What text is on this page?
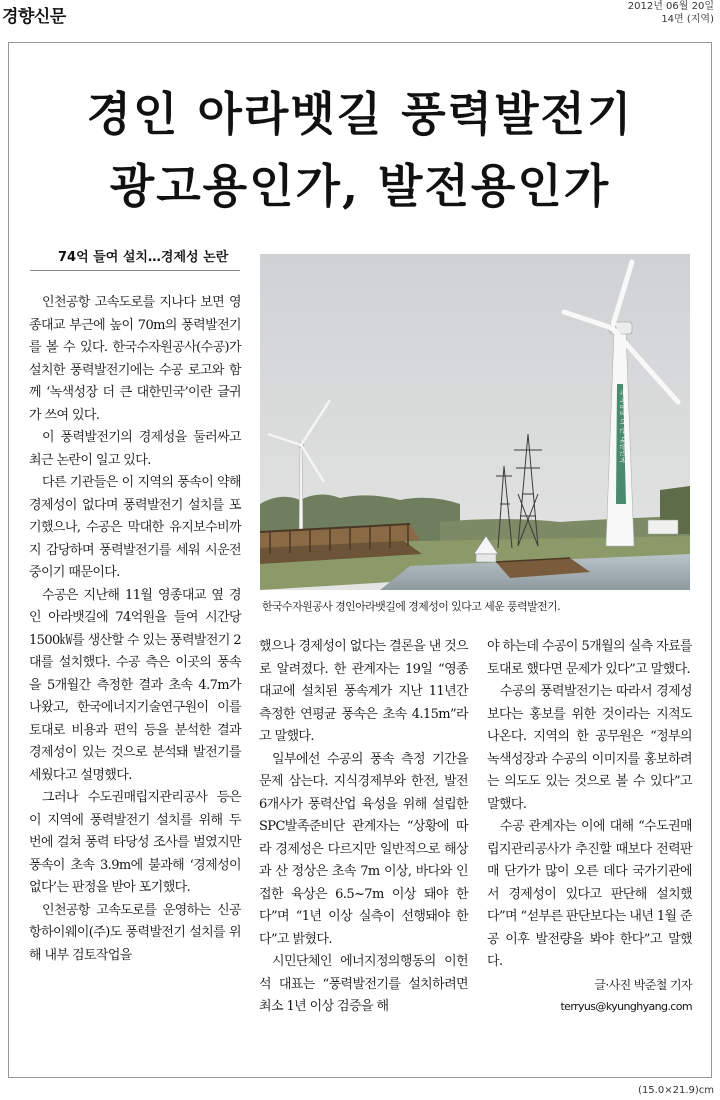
경향신문
2012년 06월 20일
14면 (지역)
경인 아라뱃길 풍력발전기
광고용인가, 발전용인가
74억 들여 설치…경제성 논란
녹색성장 더 큰 대한민국
한국수자원공사 경인아라뱃길에 경제성이 있다고 세운 풍력발전기.

인천공항 고속도로를 지나다 보면 영종대교 부근에 높이 70m의 풍력발전기를 볼 수 있다. 한국수자원공사(수공)가 설치한 풍력발전기에는 수공 로고와 함께 ‘녹색성장 더 큰 대한민국’이란 글귀가 쓰여 있다.

이 풍력발전기의 경제성을 둘러싸고 최근 논란이 일고 있다.

다른 기관들은 이 지역의 풍속이 약해 경제성이 없다며 풍력발전기 설치를 포기했으나, 수공은 막대한 유지보수비까지 감당하며 풍력발전기를 세워 시운전 중이기 때문이다.

수공은 지난해 11월 영종대교 옆 경인 아라뱃길에 74억원을 들여 시간당 1500㎾를 생산할 수 있는 풍력발전기 2대를 설치했다. 수공 측은 이곳의 풍속을 5개월간 측정한 결과 초속 4.7m가 나왔고, 한국에너지기술연구원이 이를 토대로 비용과 편익 등을 분석한 결과 경제성이 있는 것으로 분석돼 발전기를 세웠다고 설명했다.

그러나 수도권매립지관리공사 등은 이 지역에 풍력발전기 설치를 위해 두 번에 걸쳐 풍력 타당성 조사를 벌였지만 풍속이 초속 3.9m에 불과해 ‘경제성이 없다’는 판정을 받아 포기했다.

인천공항 고속도로를 운영하는 신공항하이웨이(주)도 풍력발전기 설치를 위해 내부 검토작업을

했으나 경제성이 없다는 결론을 낸 것으로 알려졌다. 한 관계자는 19일 “영종대교에 설치된 풍속계가 지난 11년간 측정한 연평균 풍속은 초속 4.15m”라고 말했다.

일부에선 수공의 풍속 측정 기간을 문제 삼는다. 지식경제부와 한전, 발전 6개사가 풍력산업 육성을 위해 설립한 SPC발족준비단 관계자는 “상황에 따라 경제성은 다르지만 일반적으로 해상과 산 정상은 초속 7m 이상, 바다와 인접한 육상은 6.5~7m 이상 돼야 한다”며 “1년 이상 실측이 선행돼야 한다”고 밝혔다.

시민단체인 에너지정의행동의 이헌석 대표는 “풍력발전기를 설치하려면 최소 1년 이상 검증을 해

야 하는데 수공이 5개월의 실측 자료를 토대로 했다면 문제가 있다”고 말했다.

수공의 풍력발전기는 따라서 경제성보다는 홍보를 위한 것이라는 지적도 나온다. 지역의 한 공무원은 “정부의 녹색성장과 수공의 이미지를 홍보하려는 의도도 있는 것으로 볼 수 있다”고 말했다.

수공 관계자는 이에 대해 “수도권매립지관리공사가 추진할 때보다 전력판매 단가가 많이 오른 데다 국가기관에서 경제성이 있다고 판단해 설치했다”며 “섣부른 판단보다는 내년 1월 준공 이후 발전량을 봐야 한다”고 말했다.

글·사진 박준철 기자

terryus@kyunghyang.com

(15.0×21.9)cm
